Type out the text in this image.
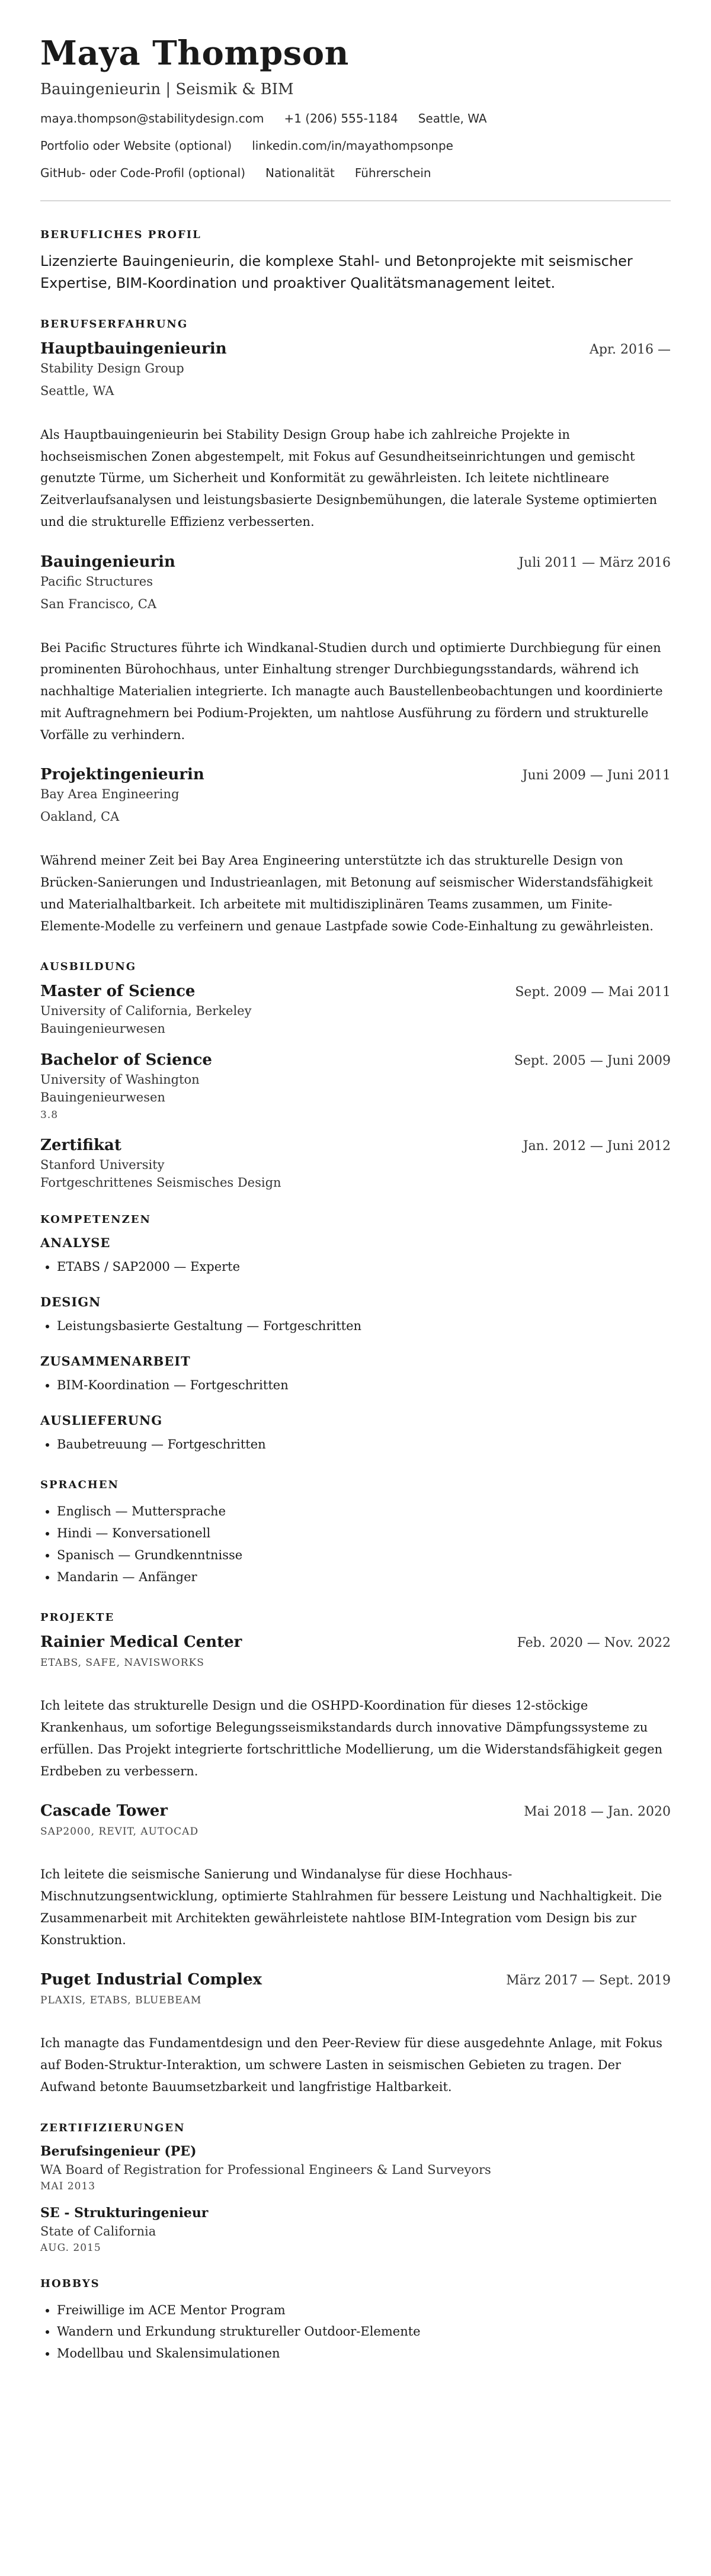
Maya Thompson
Bauingenieurin | Seismik & BIM
maya.thompson@stabilitydesign.com +1 (206) 555-1184 Seattle, WA
Portfolio oder Website (optional) linkedin.com/in/mayathompsonpe
GitHub- oder Code-Profil (optional) Nationalität Führerschein
BERUFLICHES PROFIL
Lizenzierte Bauingenieurin, die komplexe Stahl- und Betonprojekte mit seismischer Expertise, BIM-Koordination und proaktiver Qualitätsmanagement leitet.
BERUFSERFAHRUNG
Hauptbauingenieurin	Apr. 2016 —
Stability Design Group
Seattle, WA
Als Hauptbauingenieurin bei Stability Design Group habe ich zahlreiche Projekte in hochseismischen Zonen abgestempelt, mit Fokus auf Gesundheitseinrichtungen und gemischt genutzte Türme, um Sicherheit und Konformität zu gewährleisten. Ich leitete nichtlineare Zeitverlaufsanalysen und leistungsbasierte Designbemühungen, die laterale Systeme optimierten und die strukturelle Effizienz verbesserten.
Bauingenieurin	Juli 2011 — März 2016
Pacific Structures
San Francisco, CA
Bei Pacific Structures führte ich Windkanal-Studien durch und optimierte Durchbiegung für einen prominenten Bürohochhaus, unter Einhaltung strenger Durchbiegungsstandards, während ich nachhaltige Materialien integrierte. Ich managte auch Baustellenbeobachtungen und koordinierte mit Auftragnehmern bei Podium-Projekten, um nahtlose Ausführung zu fördern und strukturelle Vorfälle zu verhindern.
Projektingenieurin	Juni 2009 — Juni 2011
Bay Area Engineering
Oakland, CA
Während meiner Zeit bei Bay Area Engineering unterstützte ich das strukturelle Design von Brücken-Sanierungen und Industrieanlagen, mit Betonung auf seismischer Widerstandsfähigkeit und Materialhaltbarkeit. Ich arbeitete mit multidisziplinären Teams zusammen, um Finite-Elemente-Modelle zu verfeinern und genaue Lastpfade sowie Code-Einhaltung zu gewährleisten.
AUSBILDUNG
Master of Science	Sept. 2009 — Mai 2011
University of California, Berkeley
Bauingenieurwesen
Bachelor of Science	Sept. 2005 — Juni 2009
University of Washington
Bauingenieurwesen
3.8
Zertifikat	Jan. 2012 — Juni 2012
Stanford University
Fortgeschrittenes Seismisches Design
KOMPETENZEN
ANALYSE
• ETABS / SAP2000 — Experte
DESIGN
• Leistungsbasierte Gestaltung — Fortgeschritten
ZUSAMMENARBEIT
• BIM-Koordination — Fortgeschritten
AUSLIEFERUNG
• Baubetreuung — Fortgeschritten
SPRACHEN
• Englisch — Muttersprache
• Hindi — Konversationell
• Spanisch — Grundkenntnisse
• Mandarin — Anfänger
PROJEKTE
Rainier Medical Center	Feb. 2020 — Nov. 2022
ETABS, SAFE, NAVISWORKS
Ich leitete das strukturelle Design und die OSHPD-Koordination für dieses 12-stöckige Krankenhaus, um sofortige Belegungsseismikstandards durch innovative Dämpfungssysteme zu erfüllen. Das Projekt integrierte fortschrittliche Modellierung, um die Widerstandsfähigkeit gegen Erdbeben zu verbessern.
Cascade Tower	Mai 2018 — Jan. 2020
SAP2000, REVIT, AUTOCAD
Ich leitete die seismische Sanierung und Windanalyse für diese Hochhaus-Mischnutzungsentwicklung, optimierte Stahlrahmen für bessere Leistung und Nachhaltigkeit. Die Zusammenarbeit mit Architekten gewährleistete nahtlose BIM-Integration vom Design bis zur Konstruktion.
Puget Industrial Complex	März 2017 — Sept. 2019
PLAXIS, ETABS, BLUEBEAM
Ich managte das Fundamentdesign und den Peer-Review für diese ausgedehnte Anlage, mit Fokus auf Boden-Struktur-Interaktion, um schwere Lasten in seismischen Gebieten zu tragen. Der Aufwand betonte Bauumsetzbarkeit und langfristige Haltbarkeit.
ZERTIFIZIERUNGEN
Berufsingenieur (PE)
WA Board of Registration for Professional Engineers & Land Surveyors
MAI 2013
SE - Strukturingenieur
State of California
AUG. 2015
HOBBYS
• Freiwillige im ACE Mentor Program
• Wandern und Erkundung struktureller Outdoor-Elemente
• Modellbau und Skalensimulationen
